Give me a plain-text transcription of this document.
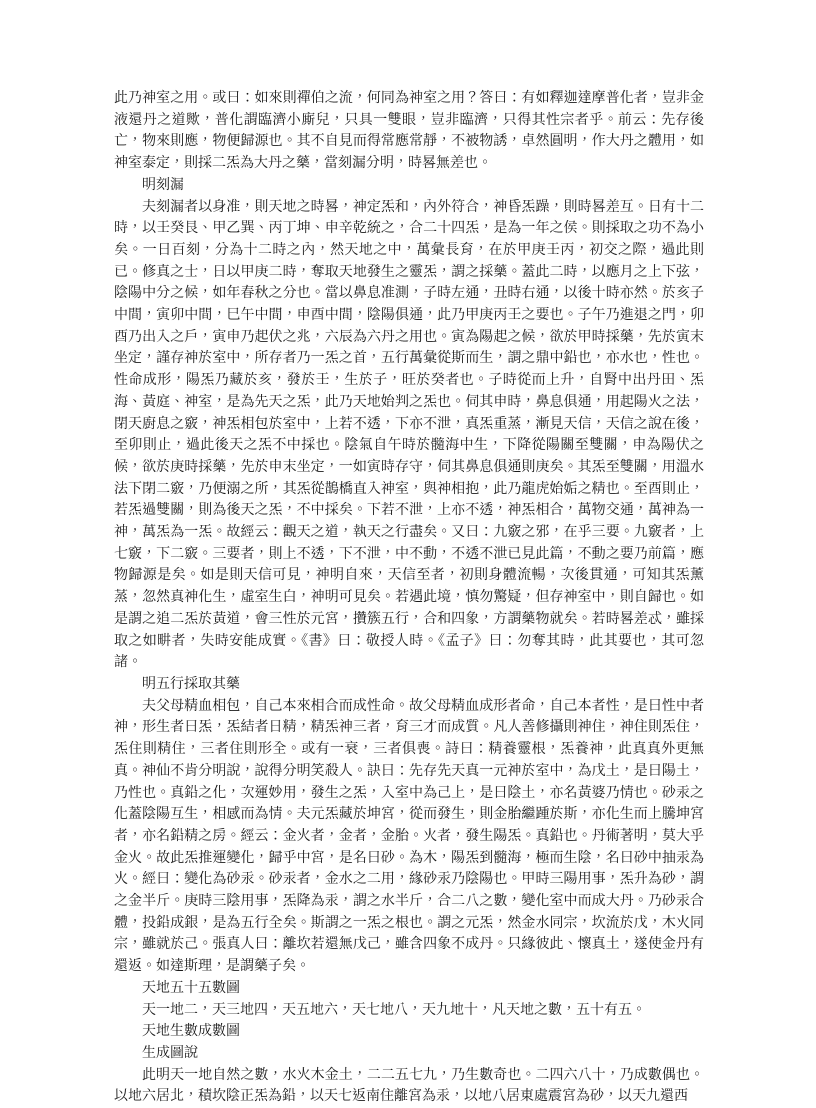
此乃神室之用。或曰：如來則禪伯之流，何同為神室之用？答曰：有如釋迦達摩普化者，豈非金液還丹之道歟，普化謂臨濟小廝兒，只具一雙眼，豈非臨濟，只得其性宗者乎。前云：先存後亡，物來則應，物便歸源也。其不自見而得常應常靜，不被物誘，卓然圓明，作大丹之體用，如神室泰定，則採二炁為大丹之藥，當刻漏分明，時晷無差也。

明刻漏

夫刻漏者以身准，則天地之時晷，神定炁和，內外符合，神昏炁躁，則時晷差互。日有十二時，以壬癸艮、甲乙巽、丙丁坤、申辛乾統之，合二十四炁，是為一年之侯。則採取之功不為小矣。一日百刻，分為十二時之內，然天地之中，萬彙長育，在於甲庚壬丙，初交之際，過此則已。修真之士，日以甲庚二時，奪取天地發生之靈炁，謂之採藥。蓋此二時，以應月之上下弦，陰陽中分之候，如年春秋之分也。當以鼻息准測，子時左通，丑時右通，以後十時亦然。於亥子中間，寅卯中間，巳午中間，申酉中間，陰陽俱通，此乃甲庚丙壬之要也。子午乃進退之門，卯酉乃出入之戶，寅申乃起伏之兆，六辰為六丹之用也。寅為陽起之候，欲於甲時採藥，先於寅末坐定，謹存神於室中，所存者乃一炁之首，五行萬彙從斯而生，謂之鼎中鉛也，亦水也，性也。性命成形，陽炁乃藏於亥，發於壬，生於子，旺於癸者也。子時從而上升，自腎中出丹田、炁海、黃庭、神室，是為先天之炁，此乃天地始判之炁也。伺其申時，鼻息俱通，用起陽火之法，閉天廚息之竅，神炁相包於室中，上若不透，下亦不泄，真炁重蒸，漸見天信，天信之說在後，至卯則止，過此後天之炁不中採也。陰氣自午時於髓海中生，下降從陽關至雙關，申為陽伏之候，欲於庚時採藥，先於申末坐定，一如寅時存守，伺其鼻息俱通則庚矣。其炁至雙關，用溫水法下閉二竅，乃便溺之所，其炁從鵲橋直入神室，與神相抱，此乃龍虎始姤之精也。至酉則止，若炁過雙關，則為後天之炁，不中採矣。下若不泄，上亦不透，神炁相合，萬物交通，萬神為一神，萬炁為一炁。故經云：觀天之道，執天之行盡矣。又曰：九竅之邪，在乎三要。九竅者，上七竅，下二竅。三要者，則上不透，下不泄，中不動，不透不泄已見此篇，不動之要乃前篇，應物歸源是矣。如是則天信可見，神明自來，天信至者，初則身體流暢，次後貫通，可知其炁薰蒸，忽然真神化生，虛室生白，神明可見矣。若遇此境，慎勿驚疑，但存神室中，則自歸也。如是謂之追二炁於黃道，會三性於元宮，攢簇五行，合和四象，方謂藥物就矣。若時晷差忒，雖採取之如畊者，失時安能成實。《書》曰：敬授人時。《孟子》曰：勿奪其時，此其要也，其可忽諸。

明五行採取其藥

夫父母精血相包，自己本來相合而成性命。故父母精血成形者命，自己本者性，是曰性中者神，形生者曰炁，炁結者日精，精炁神三者，育三才而成質。凡人善修攝則神住，神住則炁住，炁住則精住，三者住則形全。或有一衰，三者俱喪。詩曰：精養靈根，炁養神，此真真外更無真。神仙不肯分明說，說得分明笑殺人。訣曰：先存先天真一元神於室中，為戊土，是曰陽土，乃性也。真鉛之化，次運妙用，發生之炁，入室中為己上，是曰陰土，亦名黃婆乃情也。砂汞之化蓋陰陽互生，相感而為情。夫元炁藏於坤宮，從而發生，則金胎繼踵於斯，亦化生而上騰坤宮者，亦名鉛精之房。經云：金火者，金者，金胎。火者，發生陽炁。真鉛也。丹術著明，莫大乎金火。故此炁推運變化，歸乎中宮，是名曰砂。為木，陽炁到髓海，極而生陰，名曰砂中抽汞為火。經曰：變化為砂汞。砂汞者，金水之二用，緣砂汞乃陰陽也。甲時三陽用事，炁升為砂，謂之金半斤。庚時三陰用事，炁降為汞，謂之水半斤，合二八之數，變化室中而成大丹。乃砂汞合體，投鉛成銀，是為五行全矣。斯謂之一炁之根也。謂之元炁，然金水同宗，坎流於戊，木火同宗，雖就於己。張真人曰：離坎若還無戊己，雖含四象不成丹。只緣彼此、懷真土，遂使金丹有還返。如達斯理，是謂藥子矣。

天地五十五數圖

天一地二，天三地四，天五地六，天七地八，天九地十，凡天地之數，五十有五。

天地生數成數圖

生成圖說

此明天一地自然之數，水火木金土，二二五七九，乃生數奇也。二四六八十，乃成數偶也。以地六居北，積坎陰正炁為鉛，以天七返南住離宮為汞，以地八居東處震宮為砂，以天九還西
